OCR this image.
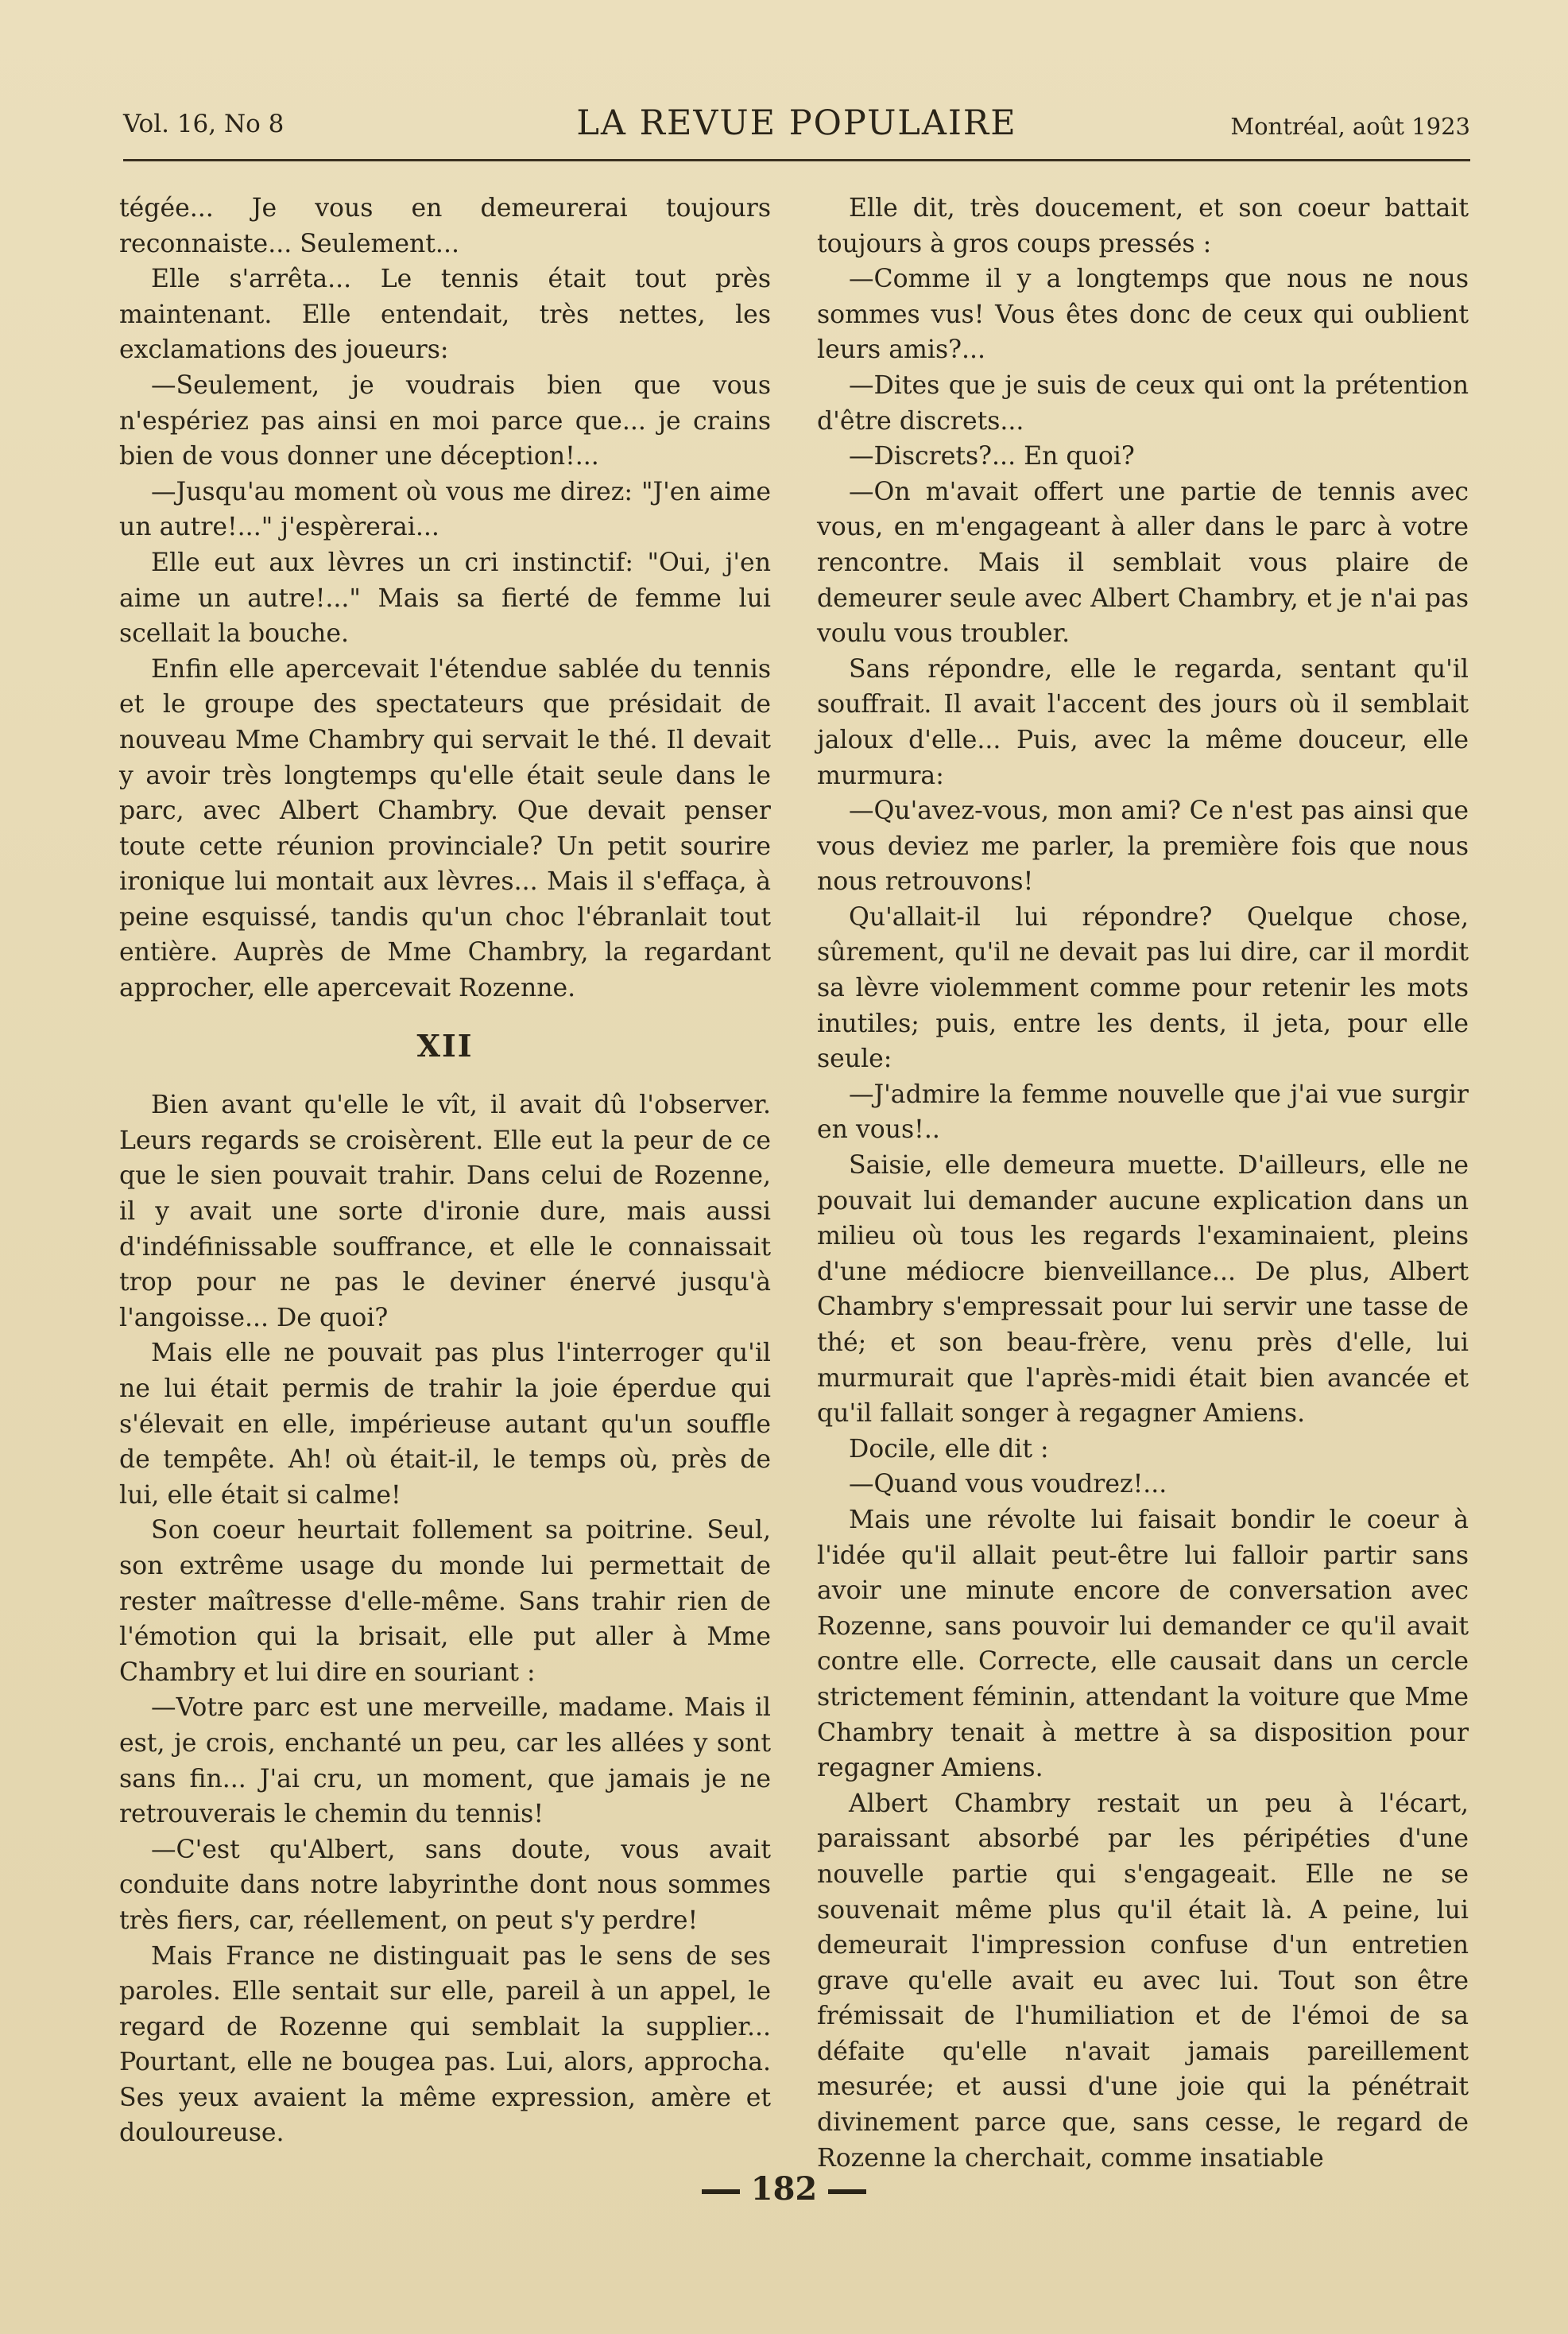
Vol. 16, No 8	LA REVUE POPULAIRE	Montréal, août 1923

tégée... Je vous en demeurerai toujours reconnaiste... Seulement...

Elle s'arrêta... Le tennis était tout près maintenant. Elle entendait, très nettes, les exclamations des joueurs:

—Seulement, je voudrais bien que vous n'espériez pas ainsi en moi parce que... je crains bien de vous donner une déception!...

—Jusqu'au moment où vous me direz: "J'en aime un autre!..." j'espèrerai...

Elle eut aux lèvres un cri instinctif: "Oui, j'en aime un autre!..." Mais sa fierté de femme lui scellait la bouche.

Enfin elle apercevait l'étendue sablée du tennis et le groupe des spectateurs que présidait de nouveau Mme Chambry qui servait le thé. Il devait y avoir très longtemps qu'elle était seule dans le parc, avec Albert Chambry. Que devait penser toute cette réunion provinciale? Un petit sourire ironique lui montait aux lèvres... Mais il s'effaça, à peine esquissé, tandis qu'un choc l'ébranlait tout entière. Auprès de Mme Chambry, la regardant approcher, elle apercevait Rozenne.

XII

Bien avant qu'elle le vît, il avait dû l'observer. Leurs regards se croisèrent. Elle eut la peur de ce que le sien pouvait trahir. Dans celui de Rozenne, il y avait une sorte d'ironie dure, mais aussi d'indéfinissable souffrance, et elle le connaissait trop pour ne pas le deviner énervé jusqu'à l'angoisse... De quoi?

Mais elle ne pouvait pas plus l'interroger qu'il ne lui était permis de trahir la joie éperdue qui s'élevait en elle, impérieuse autant qu'un souffle de tempête. Ah! où était-il, le temps où, près de lui, elle était si calme!

Son coeur heurtait follement sa poitrine. Seul, son extrême usage du monde lui permettait de rester maîtresse d'elle-même. Sans trahir rien de l'émotion qui la brisait, elle put aller à Mme Chambry et lui dire en souriant :

—Votre parc est une merveille, madame. Mais il est, je crois, enchanté un peu, car les allées y sont sans fin... J'ai cru, un moment, que jamais je ne retrouverais le chemin du tennis!

—C'est qu'Albert, sans doute, vous avait conduite dans notre labyrinthe dont nous sommes très fiers, car, réellement, on peut s'y perdre!

Mais France ne distinguait pas le sens de ses paroles. Elle sentait sur elle, pareil à un appel, le regard de Rozenne qui semblait la supplier... Pourtant, elle ne bougea pas. Lui, alors, approcha. Ses yeux avaient la même expression, amère et douloureuse.

Elle dit, très doucement, et son coeur battait toujours à gros coups pressés :

—Comme il y a longtemps que nous ne nous sommes vus! Vous êtes donc de ceux qui oublient leurs amis?...

—Dites que je suis de ceux qui ont la prétention d'être discrets...

—Discrets?... En quoi?

—On m'avait offert une partie de tennis avec vous, en m'engageant à aller dans le parc à votre rencontre. Mais il semblait vous plaire de demeurer seule avec Albert Chambry, et je n'ai pas voulu vous troubler.

Sans répondre, elle le regarda, sentant qu'il souffrait. Il avait l'accent des jours où il semblait jaloux d'elle... Puis, avec la même douceur, elle murmura:

—Qu'avez-vous, mon ami? Ce n'est pas ainsi que vous deviez me parler, la première fois que nous nous retrouvons!

Qu'allait-il lui répondre? Quelque chose, sûrement, qu'il ne devait pas lui dire, car il mordit sa lèvre violemment comme pour retenir les mots inutiles; puis, entre les dents, il jeta, pour elle seule:

—J'admire la femme nouvelle que j'ai vue surgir en vous!..

Saisie, elle demeura muette. D'ailleurs, elle ne pouvait lui demander aucune explication dans un milieu où tous les regards l'examinaient, pleins d'une médiocre bienveillance... De plus, Albert Chambry s'empressait pour lui servir une tasse de thé; et son beau-frère, venu près d'elle, lui murmurait que l'après-midi était bien avancée et qu'il fallait songer à regagner Amiens.

Docile, elle dit :

—Quand vous voudrez!...

Mais une révolte lui faisait bondir le coeur à l'idée qu'il allait peut-être lui falloir partir sans avoir une minute encore de conversation avec Rozenne, sans pouvoir lui demander ce qu'il avait contre elle. Correcte, elle causait dans un cercle strictement féminin, attendant la voiture que Mme Chambry tenait à mettre à sa disposition pour regagner Amiens.

Albert Chambry restait un peu à l'écart, paraissant absorbé par les péripéties d'une nouvelle partie qui s'engageait. Elle ne se souvenait même plus qu'il était là. A peine, lui demeurait l'impression confuse d'un entretien grave qu'elle avait eu avec lui. Tout son être frémissait de l'humiliation et de l'émoi de sa défaite qu'elle n'avait jamais pareillement mesurée; et aussi d'une joie qui la pénétrait divinement parce que, sans cesse, le regard de Rozenne la cherchait, comme insatiable

182
